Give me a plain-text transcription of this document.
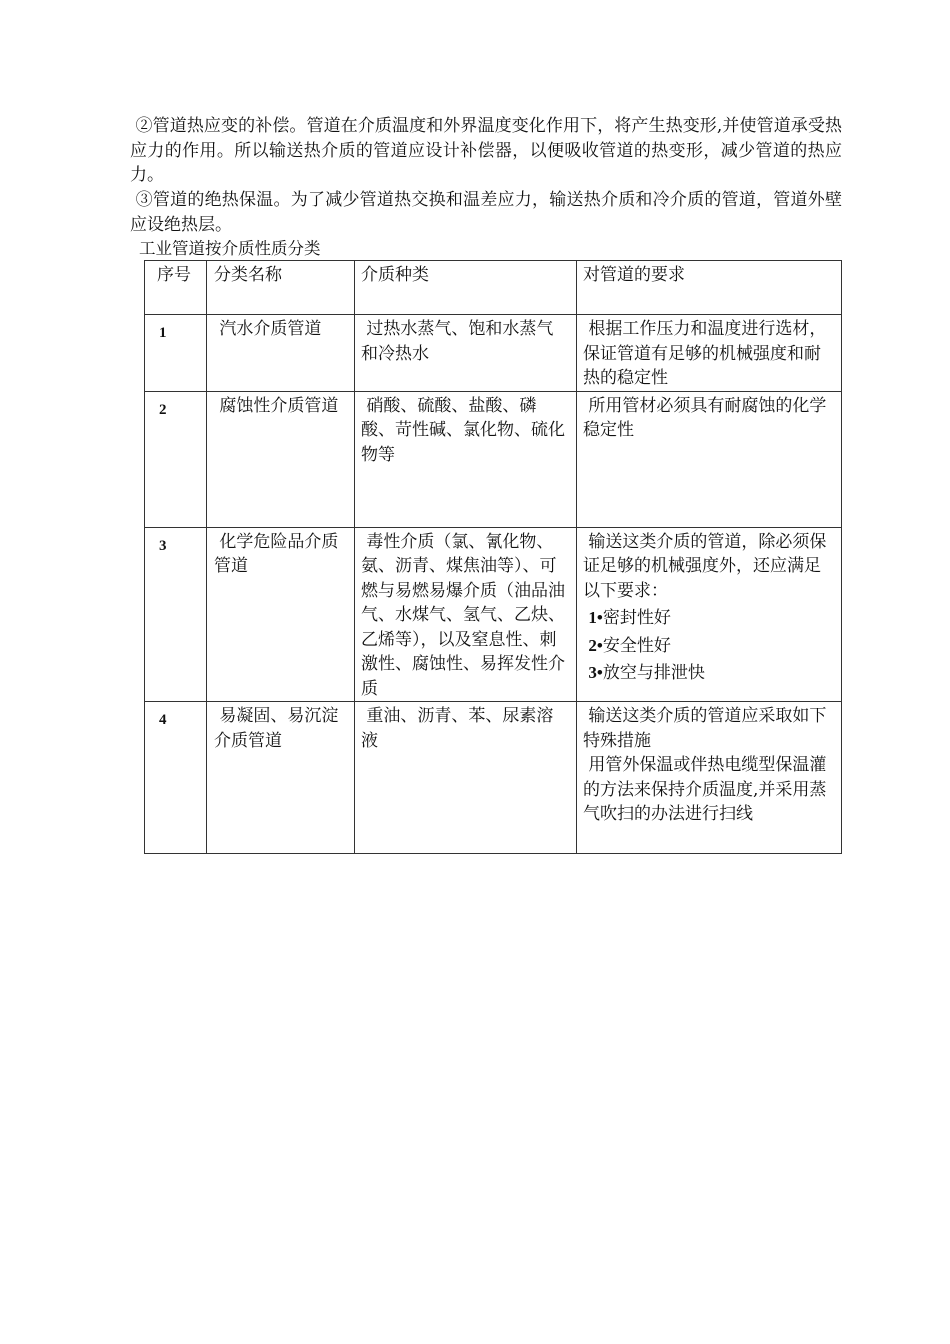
②管道热应变的补偿。管道在介质温度和外界温度变化作用下，将产生热变形,并使管道承受热应力的作用。所以输送热介质的管道应设计补偿器，以便吸收管道的热变形，减少管道的热应力。

③管道的绝热保温。为了减少管道热交换和温差应力，输送热介质和冷介质的管道，管道外壁应设绝热层。

工业管道按介质性质分类

序号	分类名称	介质种类	对管道的要求
1	汽水介质管道	过热水蒸气、饱和水蒸气和冷热水	根据工作压力和温度进行选材，保证管道有足够的机械强度和耐热的稳定性
2	腐蚀性介质管道	硝酸、硫酸、盐酸、磷酸、苛性碱、氯化物、硫化物等	所用管材必须具有耐腐蚀的化学稳定性
3	化学危险品介质管道	毒性介质（氯、氰化物、氨、沥青、煤焦油等）、可燃与易燃易爆介质（油品油气、水煤气、氢气、乙炔、乙烯等），以及窒息性、刺激性、腐蚀性、易挥发性介质	输送这类介质的管道，除必须保证足够的机械强度外，还应满足以下要求：
1•密封性好
2•安全性好
3•放空与排泄快

4	易凝固、易沉淀介质管道	重油、沥青、苯、尿素溶液	输送这类介质的管道应采取如下特殊措施
用管外保温或伴热电缆型保温灌的方法来保持介质温度,并采用蒸气吹扫的办法进行扫线
